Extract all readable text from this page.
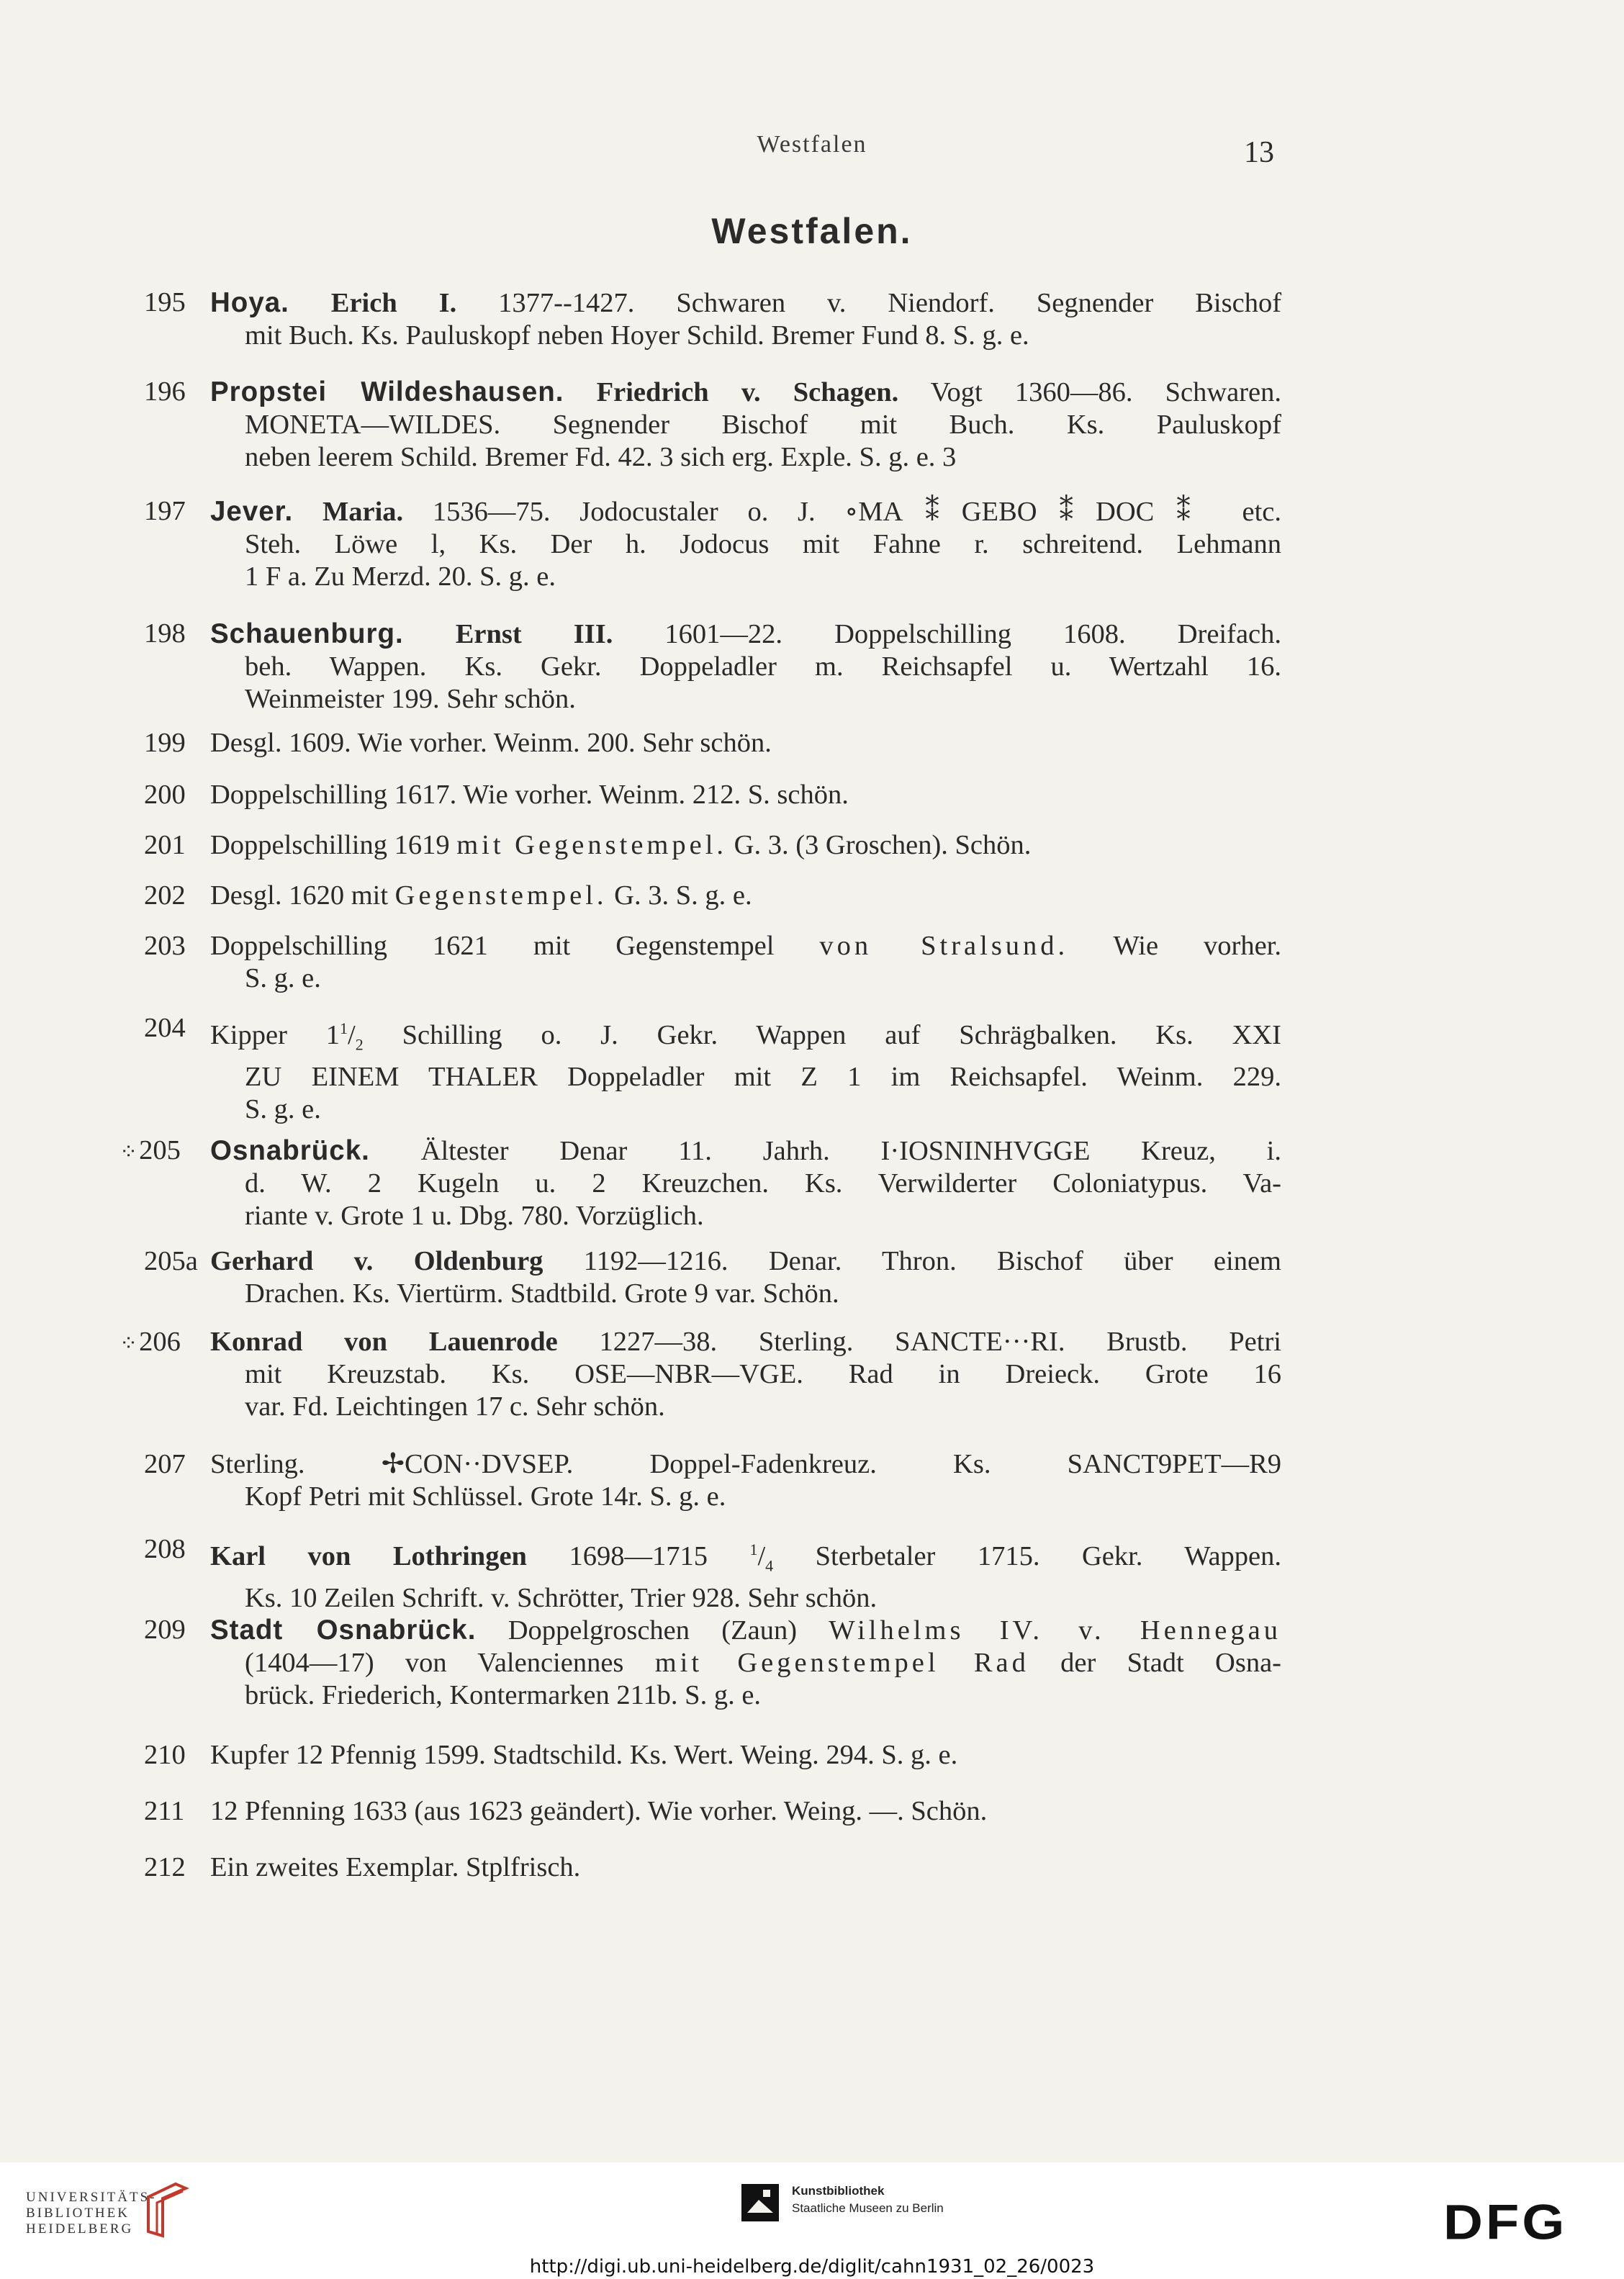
Westfalen	13
Westfalen.
195 Hoya. Erich I. 1377--1427. Schwaren v. Niendorf. Segnender Bischof
mit Buch. Ks. Pauluskopf neben Hoyer Schild. Bremer Fund 8. S. g. e.
196 Propstei Wildeshausen. Friedrich v. Schagen. Vogt 1360—86. Schwaren.
MONETA—WILDES. Segnender Bischof mit Buch. Ks. Pauluskopf
neben leerem Schild. Bremer Fd. 42. 3 sich erg. Exple. S. g. e. 3
197 Jever. Maria. 1536—75. Jodocustaler o. J. ∘MA⁑GEBO⁑DOC⁑ etc.
Steh. Löwe l, Ks. Der h. Jodocus mit Fahne r. schreitend. Lehmann
1 F a. Zu Merzd. 20. S. g. e.
198 Schauenburg. Ernst III. 1601—22. Doppelschilling 1608. Dreifach.
beh. Wappen. Ks. Gekr. Doppeladler m. Reichsapfel u. Wertzahl 16.
Weinmeister 199. Sehr schön.
199 Desgl. 1609. Wie vorher. Weinm. 200. Sehr schön.
200 Doppelschilling 1617. Wie vorher. Weinm. 212. S. schön.
201 Doppelschilling 1619 mit Gegenstempel. G. 3. (3 Groschen). Schön.
202 Desgl. 1620 mit Gegenstempel. G. 3. S. g. e.
203 Doppelschilling 1621 mit Gegenstempel von Stralsund. Wie vorher.
S. g. e.
204 Kipper $1^1/_2$ Schilling o. J. Gekr. Wappen auf Schrägbalken. Ks. XXI
ZU EINEM THALER Doppeladler mit Z 1 im Reichsapfel. Weinm. 229.
S. g. e.
⁘205	Osnabrück. Ältester Denar 11. Jahrh. I·IOSNINHVGGE Kreuz, i.
d. W. 2 Kugeln u. 2 Kreuzchen. Ks. Verwilderter Coloniatypus. Va-
riante v. Grote 1 u. Dbg. 780. Vorzüglich.
205a Gerhard v. Oldenburg 1192—1216. Denar. Thron. Bischof über einem
Drachen. Ks. Viertürm. Stadtbild. Grote 9 var. Schön.
⁘206	Konrad von Lauenrode 1227—38. Sterling. SANCTE···RI. Brustb. Petri
mit Kreuzstab. Ks. OSE—NBR—VGE. Rad in Dreieck. Grote 16
var. Fd. Leichtingen 17 c. Sehr schön.
207 Sterling. ✢CON··DVSEP. Doppel-Fadenkreuz. Ks. SANCT9PET—R9
Kopf Petri mit Schlüssel. Grote 14r. S. g. e.
208 Karl von Lothringen 1698—1715 $^1/_4$ Sterbetaler 1715. Gekr. Wappen.
Ks. 10 Zeilen Schrift. v. Schrötter, Trier 928. Sehr schön.
209 Stadt Osnabrück. Doppelgroschen (Zaun) Wilhelms IV. v. Hennegau
(1404—17) von Valenciennes mit Gegenstempel Rad der Stadt Osna-
brück. Friederich, Kontermarken 211b. S. g. e.
210 Kupfer 12 Pfennig 1599. Stadtschild. Ks. Wert. Weing. 294. S. g. e.
211 12 Pfenning 1633 (aus 1623 geändert). Wie vorher. Weing. —. Schön.
212 Ein zweites Exemplar. Stplfrisch.
UNIVERSITÄTS-
BIBLIOTHEK
HEIDELBERG
Kunstbibliothek
Staatliche Museen zu Berlin	DFG
http://digi.ub.uni-heidelberg.de/diglit/cahn1931_02_26/0023
